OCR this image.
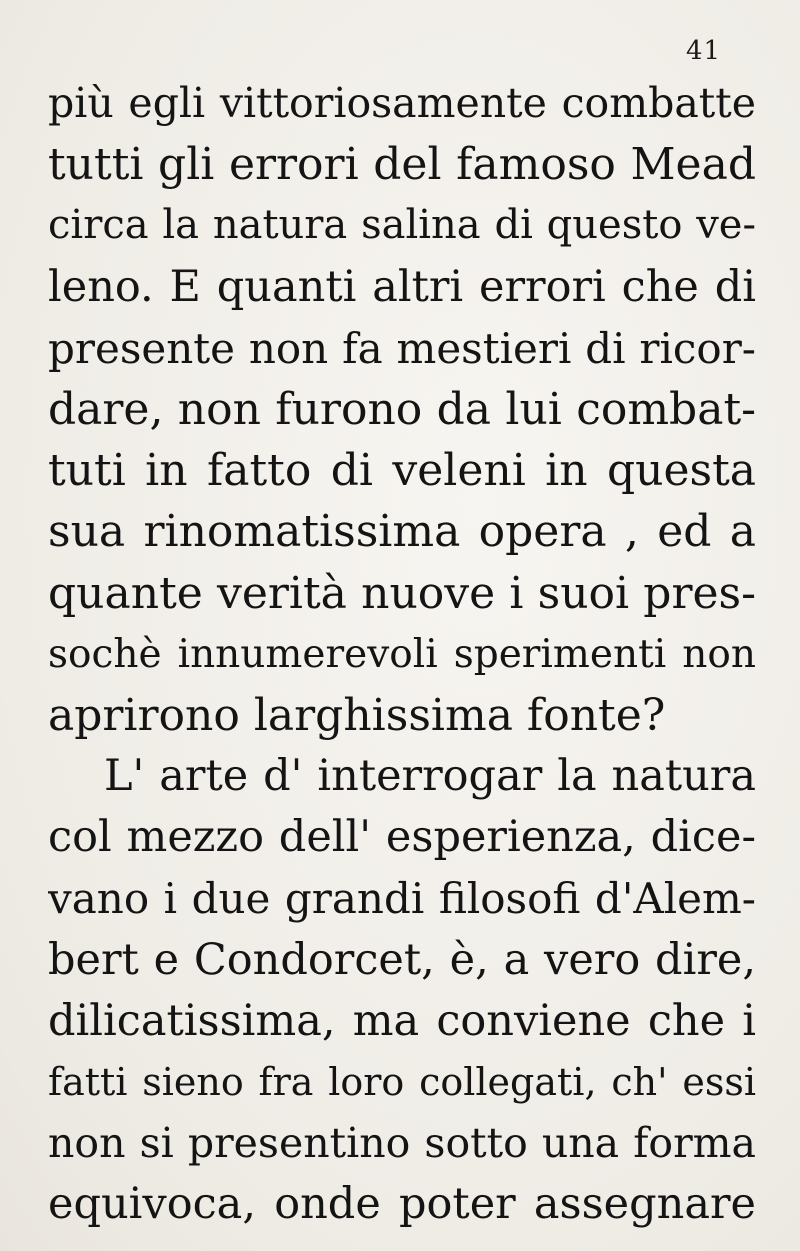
41
più egli vittoriosamente combatte
tutti gli errori del famoso Mead
circa la natura salina di questo ve-
leno. E quanti altri errori che di
presente non fa mestieri di ricor-
dare, non furono da lui combat-
tuti in fatto di veleni in questa
sua rinomatissima opera , ed a
quante verità nuove i suoi pres-
sochè innumerevoli sperimenti non
aprirono larghissima fonte?
L' arte d' interrogar la natura
col mezzo dell' esperienza, dice-
vano i due grandi filosofi d'Alem-
bert e Condorcet, è, a vero dire,
dilicatissima, ma conviene che i
fatti sieno fra loro collegati, ch' essi
non si presentino sotto una forma
equivoca, onde poter assegnare
